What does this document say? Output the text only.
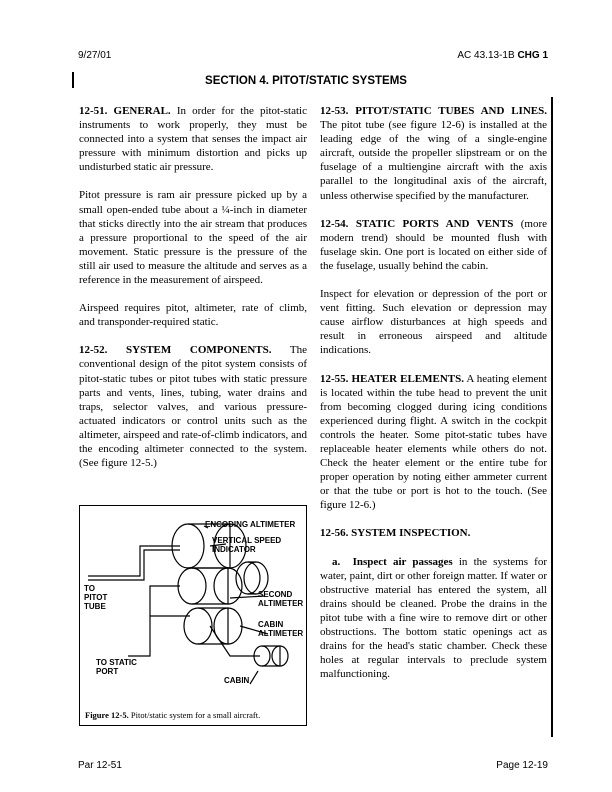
9/27/01	AC 43.13-1B CHG 1
SECTION 4. PITOT/STATIC SYSTEMS

12-51. GENERAL. In order for the pitot-static instruments to work properly, they must be connected into a system that senses the impact air pressure with minimum distortion and picks up undisturbed static air pressure.

Pitot pressure is ram air pressure picked up by a small open-ended tube about a ¼-inch in diameter that sticks directly into the air stream that produces a pressure proportional to the speed of the air movement. Static pressure is the pressure of the still air used to measure the altitude and serves as a reference in the measurement of airspeed.

Airspeed requires pitot, altimeter, rate of climb, and transponder-required static.

12-52. SYSTEM COMPONENTS. The conventional design of the pitot system consists of pitot-static tubes or pitot tubes with static pressure parts and vents, lines, tubing, water drains and traps, selector valves, and various pressure-actuated indicators or control units such as the altimeter, airspeed and rate-of-climb indicators, and the encoding altimeter connected to the system. (See figure 12-5.)

ENCODING ALTIMETER
VERTICAL SPEED
INDICATOR
SECOND
ALTIMETER
CABIN
ALTIMETER
TO
PITOT
TUBE
TO STATIC
PORT
CABIN
Figure 12-5. Pitot/static system for a small aircraft.

12-53. PITOT/STATIC TUBES AND LINES. The pitot tube (see figure 12-6) is installed at the leading edge of the wing of a single-engine aircraft, outside the propeller slipstream or on the fuselage of a multiengine aircraft with the axis parallel to the longitudinal axis of the aircraft, unless otherwise specified by the manufacturer.

12-54. STATIC PORTS AND VENTS (more modern trend) should be mounted flush with fuselage skin. One port is located on either side of the fuselage, usually behind the cabin.

Inspect for elevation or depression of the port or vent fitting. Such elevation or depression may cause airflow disturbances at high speeds and result in erroneous airspeed and altitude indications.

12-55. HEATER ELEMENTS. A heating element is located within the tube head to prevent the unit from becoming clogged during icing conditions experienced during flight. A switch in the cockpit controls the heater. Some pitot-static tubes have replaceable heater elements while others do not. Check the heater element or the entire tube for proper operation by noting either ammeter current or that the tube or port is hot to the touch. (See figure 12-6.)

12-56. SYSTEM INSPECTION.

a. Inspect air passages in the systems for water, paint, dirt or other foreign matter. If water or obstructive material has entered the system, all drains should be cleaned. Probe the drains in the pitot tube with a fine wire to remove dirt or other obstructions. The bottom static openings act as drains for the head's static chamber. Check these holes at regular intervals to preclude system malfunctioning.

Par 12-51	Page 12-19
